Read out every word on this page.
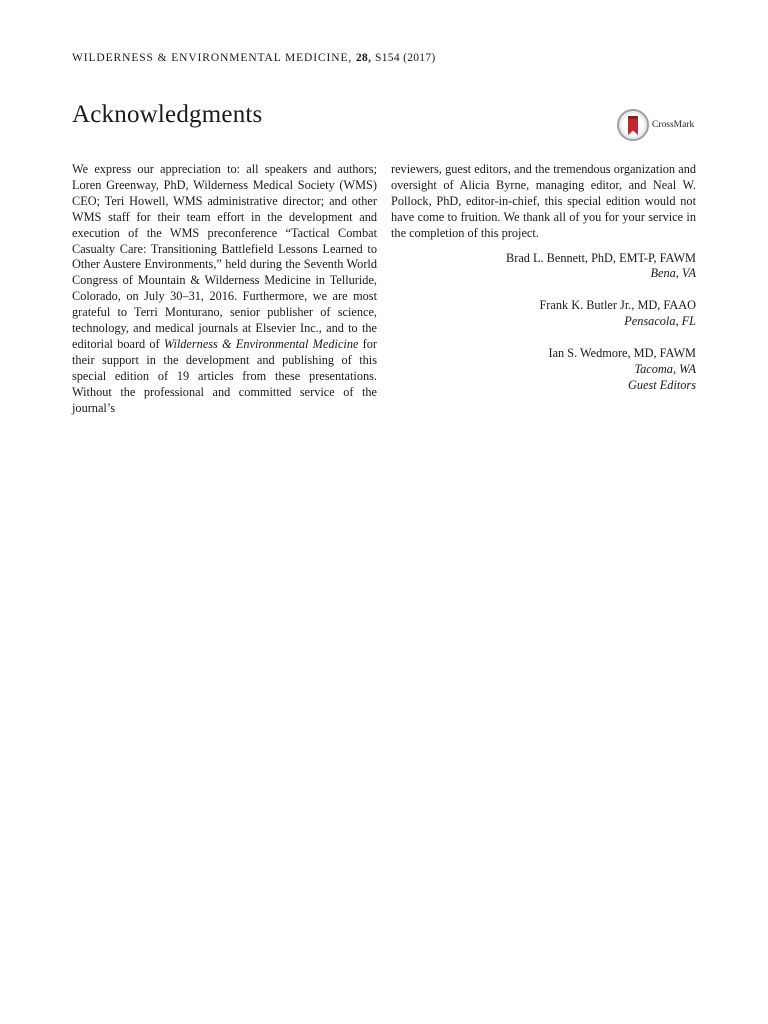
WILDERNESS & ENVIRONMENTAL MEDICINE, 28, S154 (2017)
Acknowledgments	CrossMark

We express our appreciation to: all speakers and authors; Loren Greenway, PhD, Wilderness Medical Society (WMS) CEO; Teri Howell, WMS administrative director; and other WMS staff for their team effort in the development and execution of the WMS preconference “Tactical Combat Casualty Care: Transitioning Battlefield Lessons Learned to Other Austere Environments,” held during the Seventh World Congress of Mountain & Wilderness Medicine in Telluride, Colorado, on July 30–31, 2016. Furthermore, we are most grateful to Terri Monturano, senior publisher of science, technology, and medical journals at Elsevier Inc., and to the editorial board of Wilderness & Environmental Medicine for their support in the development and publishing of this special edition of 19 articles from these presentations. Without the professional and committed service of the journal’s

reviewers, guest editors, and the tremendous organization and oversight of Alicia Byrne, managing editor, and Neal W. Pollock, PhD, editor-in-chief, this special edition would not have come to fruition. We thank all of you for your service in the completion of this project.

Brad L. Bennett, PhD, EMT-P, FAWM
Bena, VA
Frank K. Butler Jr., MD, FAAO
Pensacola, FL
Ian S. Wedmore, MD, FAWM
Tacoma, WA
Guest Editors
